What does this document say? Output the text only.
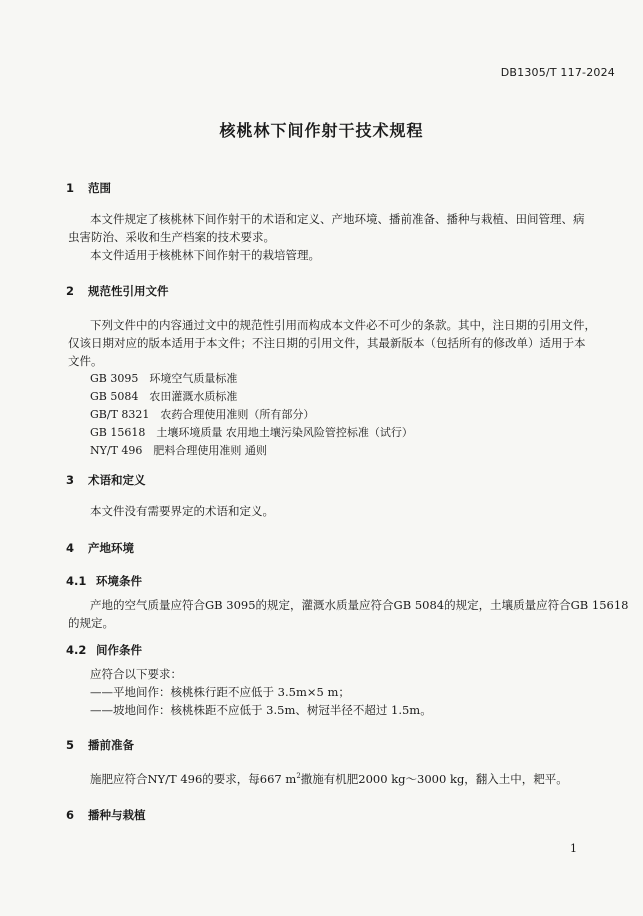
DB1305/T 117-2024
核桃林下间作射干技术规程
1 范围
本文件规定了核桃林下间作射干的术语和定义、产地环境、播前准备、播种与栽植、田间管理、病
虫害防治、采收和生产档案的技术要求。
本文件适用于核桃林下间作射干的栽培管理。
2 规范性引用文件
下列文件中的内容通过文中的规范性引用而构成本文件必不可少的条款。其中，注日期的引用文件，
仅该日期对应的版本适用于本文件；不注日期的引用文件，其最新版本（包括所有的修改单）适用于本
文件。
GB 3095　环境空气质量标准
GB 5084　农田灌溉水质标准
GB/T 8321　农药合理使用准则（所有部分）
GB 15618　土壤环境质量 农用地土壤污染风险管控标准（试行）
NY/T 496　肥料合理使用准则 通则
3 术语和定义
本文件没有需要界定的术语和定义。
4 产地环境
4.1 环境条件
产地的空气质量应符合GB 3095的规定，灌溉水质量应符合GB 5084的规定，土壤质量应符合GB 15618
的规定。
4.2 间作条件
应符合以下要求：
——平地间作：核桃株行距不应低于 3.5m×5 m；
——坡地间作：核桃株距不应低于 3.5m、树冠半径不超过 1.5m。
5 播前准备
施肥应符合NY/T 496的要求，每667 $m^2$撒施有机肥2000 kg～3000 kg，翻入土中，耙平。
6 播种与栽植
1
